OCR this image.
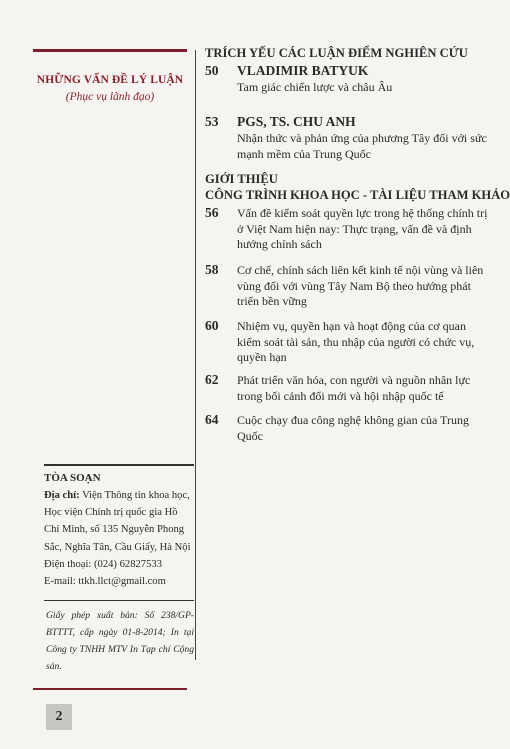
NHỮNG VẤN ĐỀ LÝ LUẬN
(Phục vụ lãnh đạo)
TRÍCH YẾU CÁC LUẬN ĐIỂM NGHIÊN CỨU
50 VLADIMIR BATYUK
Tam giác chiến lược và châu Âu
53 PGS, TS. CHU ANH
Nhận thức và phản ứng của phương Tây đối với sức mạnh mềm của Trung Quốc
GIỚI THIỆU
CÔNG TRÌNH KHOA HỌC - TÀI LIỆU THAM KHẢO
56 Vấn đề kiểm soát quyền lực trong hệ thống chính trị ở Việt Nam hiện nay: Thực trạng, vấn đề và định hướng chính sách
58 Cơ chế, chính sách liên kết kinh tế nội vùng và liên vùng đối với vùng Tây Nam Bộ theo hướng phát triển bền vững
60 Nhiệm vụ, quyền hạn và hoạt động của cơ quan kiểm soát tài sản, thu nhập của người có chức vụ, quyền hạn
62 Phát triển văn hóa, con người và nguồn nhân lực trong bối cảnh đổi mới và hội nhập quốc tế
64 Cuộc chạy đua công nghệ không gian của Trung Quốc
TÒA SOẠN
Địa chỉ: Viện Thông tin khoa học, Học viện Chính trị quốc gia Hồ Chí Minh, số 135 Nguyễn Phong Sắc, Nghĩa Tân, Cầu Giấy, Hà Nội
Điện thoại: (024) 62827533
E-mail: ttkh.llct@gmail.com
Giấy phép xuất bản: Số 238/GP-BTTTT, cấp ngày 01-8-2014; In tại Công ty TNHH MTV In Tạp chí Cộng sản.
2
